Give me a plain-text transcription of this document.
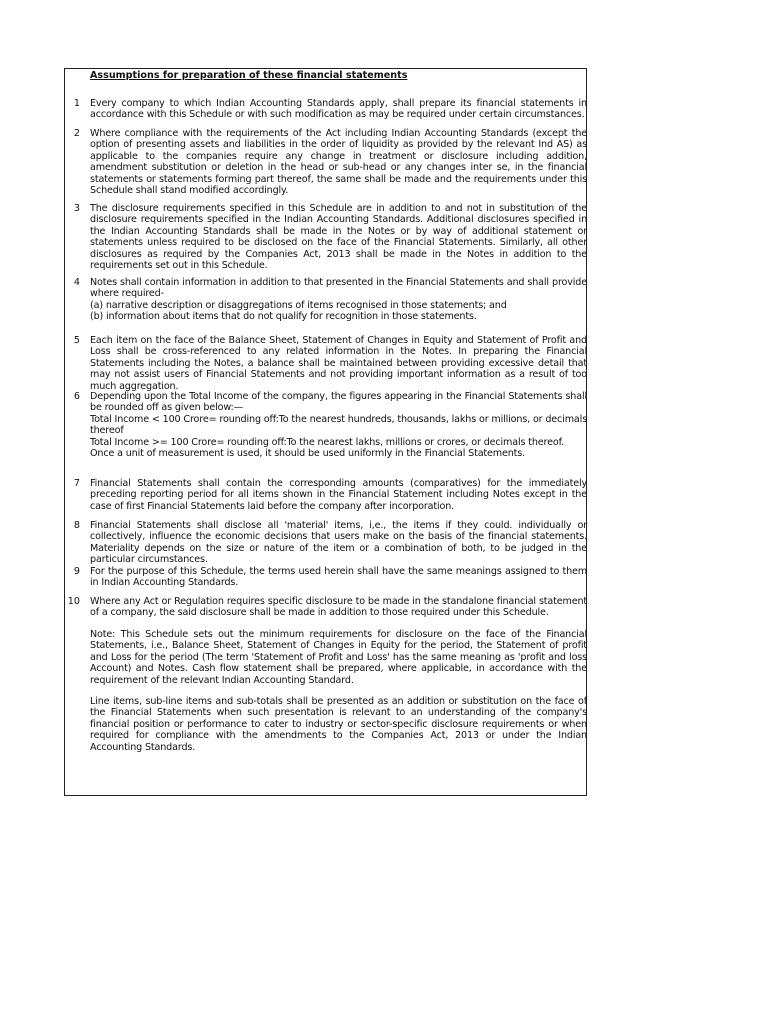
Assumptions for preparation of these financial statements
1 Every company to which Indian Accounting Standards apply, shall prepare its financial statements in accordance with this Schedule or with such modification as may be required under certain circumstances.
2 Where compliance with the requirements of the Act including Indian Accounting Standards (except the option of presenting assets and liabilities in the order of liquidity as provided by the relevant Ind AS) as applicable to the companies require any change in treatment or disclosure including addition, amendment substitution or deletion in the head or sub-head or any changes inter se, in the financial statements or statements forming part thereof, the same shall be made and the requirements under this Schedule shall stand modified accordingly.
3 The disclosure requirements specified in this Schedule are in addition to and not in substitution of the disclosure requirements specified in the Indian Accounting Standards. Additional disclosures specified in the Indian Accounting Standards shall be made in the Notes or by way of additional statement or statements unless required to be disclosed on the face of the Financial Statements. Similarly, all other disclosures as required by the Companies Act, 2013 shall be made in the Notes in addition to the requirements set out in this Schedule.
4 Notes shall contain information in addition to that presented in the Financial Statements and shall provide where required-
(a) narrative description or disaggregations of items recognised in those statements; and
(b) information about items that do not qualify for recognition in those statements.
5 Each item on the face of the Balance Sheet, Statement of Changes in Equity and Statement of Profit and Loss shall be cross-referenced to any related information in the Notes. In preparing the Financial Statements including the Notes, a balance shall be maintained between providing excessive detail that may not assist users of Financial Statements and not providing important information as a result of too much aggregation.
6 Depending upon the Total Income of the company, the figures appearing in the Financial Statements shall be rounded off as given below:—
Total Income < 100 Crore= rounding off:To the nearest hundreds, thousands, lakhs or millions, or decimals thereof
Total Income >= 100 Crore= rounding off:To the nearest lakhs, millions or crores, or decimals thereof.
Once a unit of measurement is used, it should be used uniformly in the Financial Statements.
7 Financial Statements shall contain the corresponding amounts (comparatives) for the immediately preceding reporting period for all items shown in the Financial Statement including Notes except in the case of first Financial Statements laid before the company after incorporation.
8 Financial Statements shall disclose all 'material' items, i,e., the items if they could. individually or collectively, influence the economic decisions that users make on the basis of the financial statements. Materiality depends on the size or nature of the item or a combination of both, to be judged in the particular circumstances.
9 For the purpose of this Schedule, the terms used herein shall have the same meanings assigned to them in Indian Accounting Standards.
10 Where any Act or Regulation requires specific disclosure to be made in the standalone financial statement of a company, the said disclosure shall be made in addition to those required under this Schedule.
Note: This Schedule sets out the minimum requirements for disclosure on the face of the Financial Statements, i.e., Balance Sheet, Statement of Changes in Equity for the period, the Statement of profit and Loss for the period (The term 'Statement of Profit and Loss' has the same meaning as 'profit and loss Account) and Notes. Cash flow statement shall be prepared, where applicable, in accordance with the requirement of the relevant Indian Accounting Standard.
Line items, sub-line items and sub-totals shall be presented as an addition or substitution on the face of the Financial Statements when such presentation is relevant to an understanding of the company's financial position or performance to cater to industry or sector-specific disclosure requirements or when required for compliance with the amendments to the Companies Act, 2013 or under the Indian Accounting Standards.
